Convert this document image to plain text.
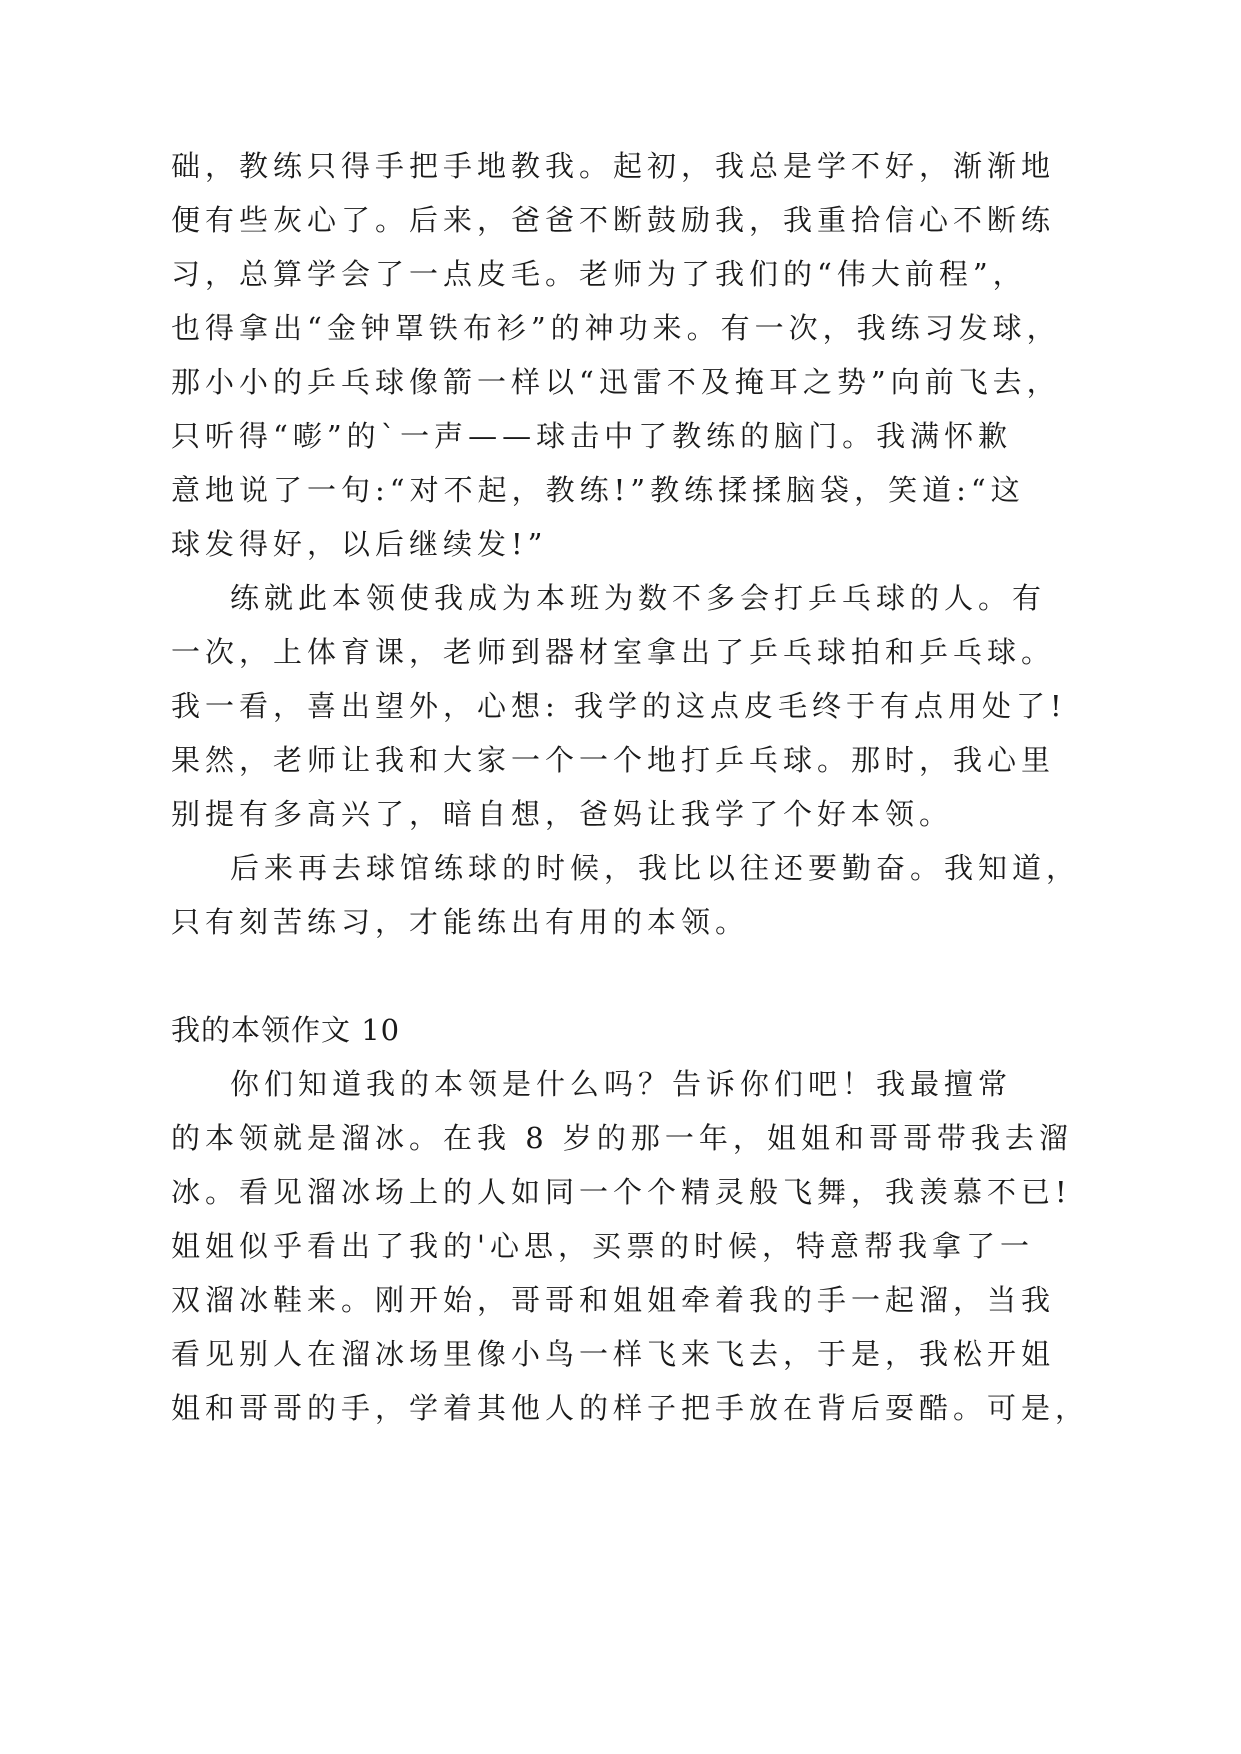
础，教练只得手把手地教我。起初，我总是学不好，渐渐地
便有些灰心了。后来，爸爸不断鼓励我，我重拾信心不断练
习，总算学会了一点皮毛。老师为了我们的“伟大前程”，
也得拿出“金钟罩铁布衫”的神功来。有一次，我练习发球，
那小小的乒乓球像箭一样以“迅雷不及掩耳之势”向前飞去，
只听得“嘭”的`一声——球击中了教练的脑门。我满怀歉
意地说了一句:“对不起，教练!”教练揉揉脑袋，笑道:“这
球发得好，以后继续发!”
练就此本领使我成为本班为数不多会打乒乓球的人。有
一次，上体育课，老师到器材室拿出了乒乓球拍和乒乓球。
我一看，喜出望外，心想: 我学的这点皮毛终于有点用处了!
果然，老师让我和大家一个一个地打乒乓球。那时，我心里
别提有多高兴了，暗自想，爸妈让我学了个好本领。
后来再去球馆练球的时候，我比以往还要勤奋。我知道，
只有刻苦练习，才能练出有用的本领。
我的本领作文 10
你们知道我的本领是什么吗？告诉你们吧！我最擅常
的本领就是溜冰。在我 8 岁的那一年，姐姐和哥哥带我去溜
冰。看见溜冰场上的人如同一个个精灵般飞舞，我羡慕不已!
姐姐似乎看出了我的'心思，买票的时候，特意帮我拿了一
双溜冰鞋来。刚开始，哥哥和姐姐牵着我的手一起溜，当我
看见别人在溜冰场里像小鸟一样飞来飞去，于是，我松开姐
姐和哥哥的手，学着其他人的样子把手放在背后耍酷。可是，
